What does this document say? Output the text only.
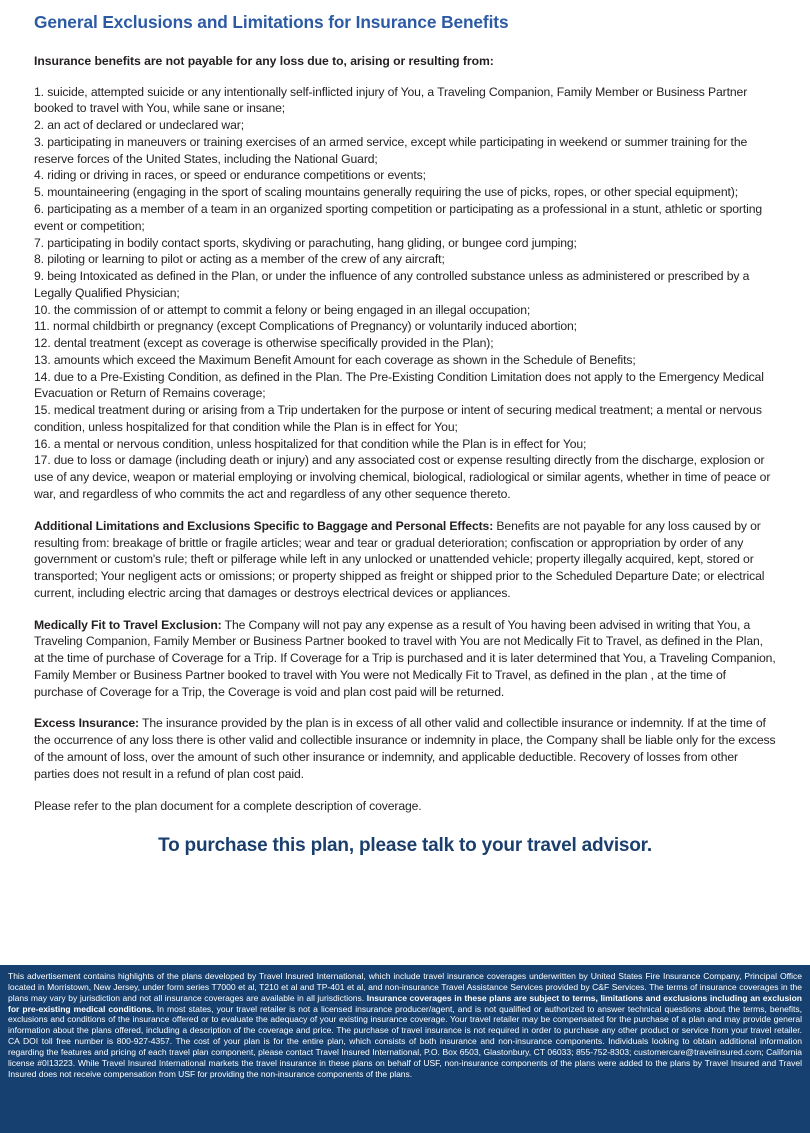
General Exclusions and Limitations for Insurance Benefits
Insurance benefits are not payable for any loss due to, arising or resulting from:

1. suicide, attempted suicide or any intentionally self-inflicted injury of You, a Traveling Companion, Family Member or Business Partner booked to travel with You, while sane or insane;

2. an act of declared or undeclared war;

3. participating in maneuvers or training exercises of an armed service, except while participating in weekend or summer training for the reserve forces of the United States, including the National Guard;

4. riding or driving in races, or speed or endurance competitions or events;

5. mountaineering (engaging in the sport of scaling mountains generally requiring the use of picks, ropes, or other special equipment);

6. participating as a member of a team in an organized sporting competition or participating as a professional in a stunt, athletic or sporting event or competition;

7. participating in bodily contact sports, skydiving or parachuting, hang gliding, or bungee cord jumping;

8. piloting or learning to pilot or acting as a member of the crew of any aircraft;

9. being Intoxicated as defined in the Plan, or under the influence of any controlled substance unless as administered or prescribed by a Legally Qualified Physician;

10. the commission of or attempt to commit a felony or being engaged in an illegal occupation;

11. normal childbirth or pregnancy (except Complications of Pregnancy) or voluntarily induced abortion;

12. dental treatment (except as coverage is otherwise specifically provided in the Plan);

13. amounts which exceed the Maximum Benefit Amount for each coverage as shown in the Schedule of Benefits;

14. due to a Pre-Existing Condition, as defined in the Plan. The Pre-Existing Condition Limitation does not apply to the Emergency Medical Evacuation or Return of Remains coverage;

15. medical treatment during or arising from a Trip undertaken for the purpose or intent of securing medical treatment; a mental or nervous condition, unless hospitalized for that condition while the Plan is in effect for You;

16. a mental or nervous condition, unless hospitalized for that condition while the Plan is in effect for You;

17. due to loss or damage (including death or injury) and any associated cost or expense resulting directly from the discharge, explosion or use of any device, weapon or material employing or involving chemical, biological, radiological or similar agents, whether in time of peace or war, and regardless of who commits the act and regardless of any other sequence thereto.

Additional Limitations and Exclusions Specific to Baggage and Personal Effects: Benefits are not payable for any loss caused by or resulting from: breakage of brittle or fragile articles; wear and tear or gradual deterioration; confiscation or appropriation by order of any government or custom's rule; theft or pilferage while left in any unlocked or unattended vehicle; property illegally acquired, kept, stored or transported; Your negligent acts or omissions; or property shipped as freight or shipped prior to the Scheduled Departure Date; or electrical current, including electric arcing that damages or destroys electrical devices or appliances.

Medically Fit to Travel Exclusion: The Company will not pay any expense as a result of You having been advised in writing that You, a Traveling Companion, Family Member or Business Partner booked to travel with You are not Medically Fit to Travel, as defined in the Plan, at the time of purchase of Coverage for a Trip. If Coverage for a Trip is purchased and it is later determined that You, a Traveling Companion, Family Member or Business Partner booked to travel with You were not Medically Fit to Travel, as defined in the plan , at the time of purchase of Coverage for a Trip, the Coverage is void and plan cost paid will be returned.

Excess Insurance: The insurance provided by the plan is in excess of all other valid and collectible insurance or indemnity. If at the time of the occurrence of any loss there is other valid and collectible insurance or indemnity in place, the Company shall be liable only for the excess of the amount of loss, over the amount of such other insurance or indemnity, and applicable deductible. Recovery of losses from other parties does not result in a refund of plan cost paid.

Please refer to the plan document for a complete description of coverage.

To purchase this plan, please talk to your travel advisor.

This advertisement contains highlights of the plans developed by Travel Insured International, which include travel insurance coverages underwritten by United States Fire Insurance Company, Principal Office located in Morristown, New Jersey, under form series T7000 et al, T210 et al and TP-401 et al, and non-insurance Travel Assistance Services provided by C&F Services. The terms of insurance coverages in the plans may vary by jurisdiction and not all insurance coverages are available in all jurisdictions. Insurance coverages in these plans are subject to terms, limitations and exclusions including an exclusion for pre-existing medical conditions. In most states, your travel retailer is not a licensed insurance producer/agent, and is not qualified or authorized to answer technical questions about the terms, benefits, exclusions and conditions of the insurance offered or to evaluate the adequacy of your existing insurance coverage. Your travel retailer may be compensated for the purchase of a plan and may provide general information about the plans offered, including a description of the coverage and price. The purchase of travel insurance is not required in order to purchase any other product or service from your travel retailer. CA DOI toll free number is 800-927-4357. The cost of your plan is for the entire plan, which consists of both insurance and non-insurance components. Individuals looking to obtain additional information regarding the features and pricing of each travel plan component, please contact Travel Insured International, P.O. Box 6503, Glastonbury, CT 06033; 855-752-8303; customercare@travelinsured.com; California license #0I13223. While Travel Insured International markets the travel insurance in these plans on behalf of USF, non-insurance components of the plans were added to the plans by Travel Insured and Travel Insured does not receive compensation from USF for providing the non-insurance components of the plans.
